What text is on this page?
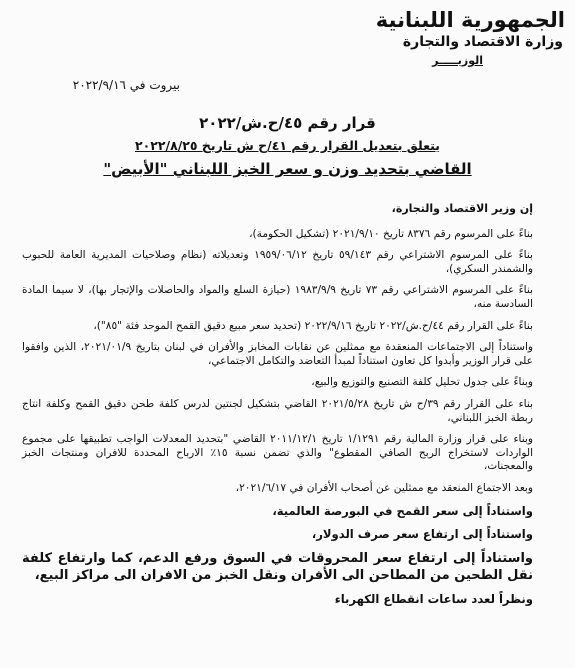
الجمهورية اللبنانية
وزارة الاقتصاد والتجارة
الوزيـــــر
بيروت في ٢٠٢٢/٩/١٦
قرار رقم ٤٥/ح.ش/٢٠٢٢
يتعلق بتعديل القرار رقم ٤١/ح ش تاريخ ٢٠٢٢/٨/٢٥
القاضي بتحديد وزن و سعر الخبز اللبناني "الأبيض"
إن وزير الاقتصاد والتجارة،

بناءً على المرسوم رقم ٨٣٧٦ تاريخ ٢٠٢١/٩/١٠ (تشكيل الحكومة)،

بناءً على المرسوم الاشتراعي رقم ٥٩/١٤٣ تاريخ ١٩٥٩/٠٦/١٢ وتعديلاته (نظام وصلاحيات المديرية العامة للحبوب والشمندر السكري)،

بناءً على المرسوم الاشتراعي رقم ٧٣ تاريخ ١٩٨٣/٩/٩ (حيازة السلع والمواد والحاصلات والإتجار بها)، لا سيما المادة السادسة منه،

بناءً على القرار رقم ٤٤/ح.ش/٢٠٢٢ تاريخ ٢٠٢٢/٩/١٦ (تحديد سعر مبيع دقيق القمح الموحد فئة "٨٥")،

واستناداً إلى الاجتماعات المنعقدة مع ممثلين عن نقابات المخابز والأفران في لبنان بتاريخ ٢٠٢١/٠١/٩، الذين وافقوا على قرار الوزير وأبدوا كل تعاون استناداً لمبدأ التعاضد والتكامل الاجتماعي،

وبناءً على جدول تحليل كلفة التصنيع والتوزيع والبيع،

بناء على القرار رقم ٣٩/ح ش تاريخ ٢٠٢١/٥/٢٨ القاضي بتشكيل لجنتين لدرس كلفة طحن دقيق القمح وكلفة انتاج ربطة الخبز اللبناني،

وبناء على قرار وزارة المالية رقم ١/١٢٩١ تاريخ ٢٠١١/١٢/١ القاضي "بتحديد المعدلات الواجب تطبيقها على مجموع الواردات لاستخراج الربح الصافي المقطوع" والذي تضمن نسبة ١٥٪ الارباح المحددة للافران ومنتجات الخبز والمعجنات،

وبعد الاجتماع المنعقد مع ممثلين عن أصحاب الأفران في ٢٠٢١/٦/١٧،

واستناداً إلى سعر القمح في البورصة العالمية،

واستناداً إلى ارتفاع سعر صرف الدولار،

واستناداً إلى ارتفاع سعر المحروقات في السوق ورفع الدعم، كما وارتفاع كلفة نقل الطحين من المطاحن الى الأفران ونقل الخبز من الافران الى مراكز البيع،

ونظراً لعدد ساعات انقطاع الكهرباء
